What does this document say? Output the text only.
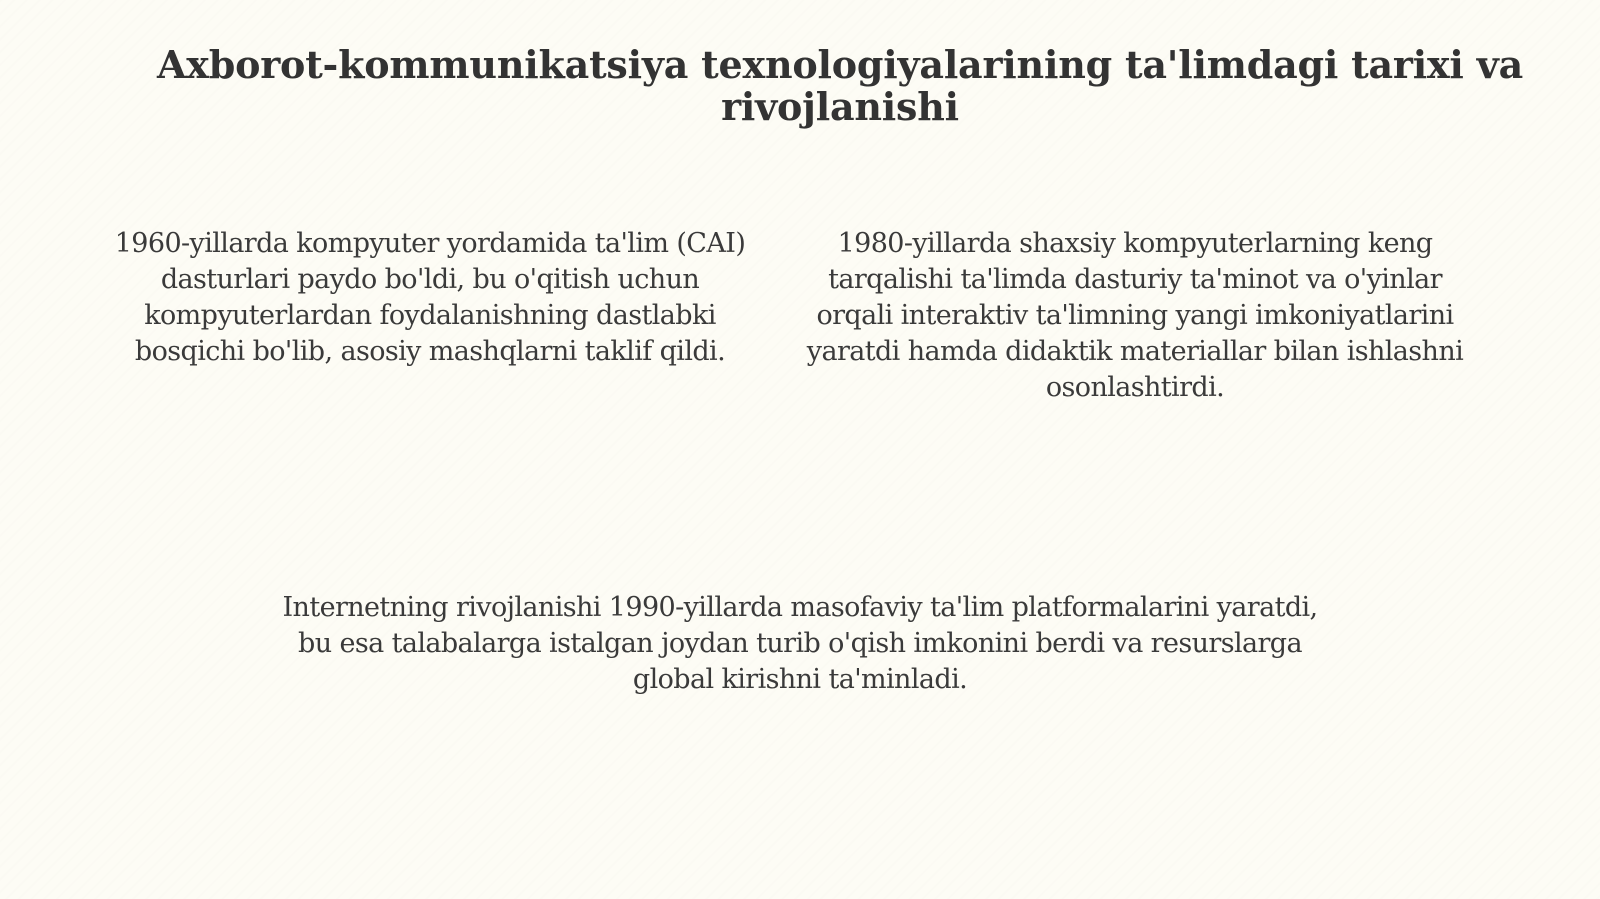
Axborot-kommunikatsiya texnologiyalarining ta'limdagi tarixi va rivojlanishi

1960-yillarda kompyuter yordamida ta'lim (CAI) dasturlari paydo bo'ldi, bu o'qitish uchun kompyuterlardan foydalanishning dastlabki bosqichi bo'lib, asosiy mashqlarni taklif qildi.

1980-yillarda shaxsiy kompyuterlarning keng tarqalishi ta'limda dasturiy ta'minot va o'yinlar orqali interaktiv ta'limning yangi imkoniyatlarini yaratdi hamda didaktik materiallar bilan ishlashni osonlashtirdi.

Internetning rivojlanishi 1990-yillarda masofaviy ta'lim platformalarini yaratdi, bu esa talabalarga istalgan joydan turib o'qish imkonini berdi va resurslarga global kirishni ta'minladi.
